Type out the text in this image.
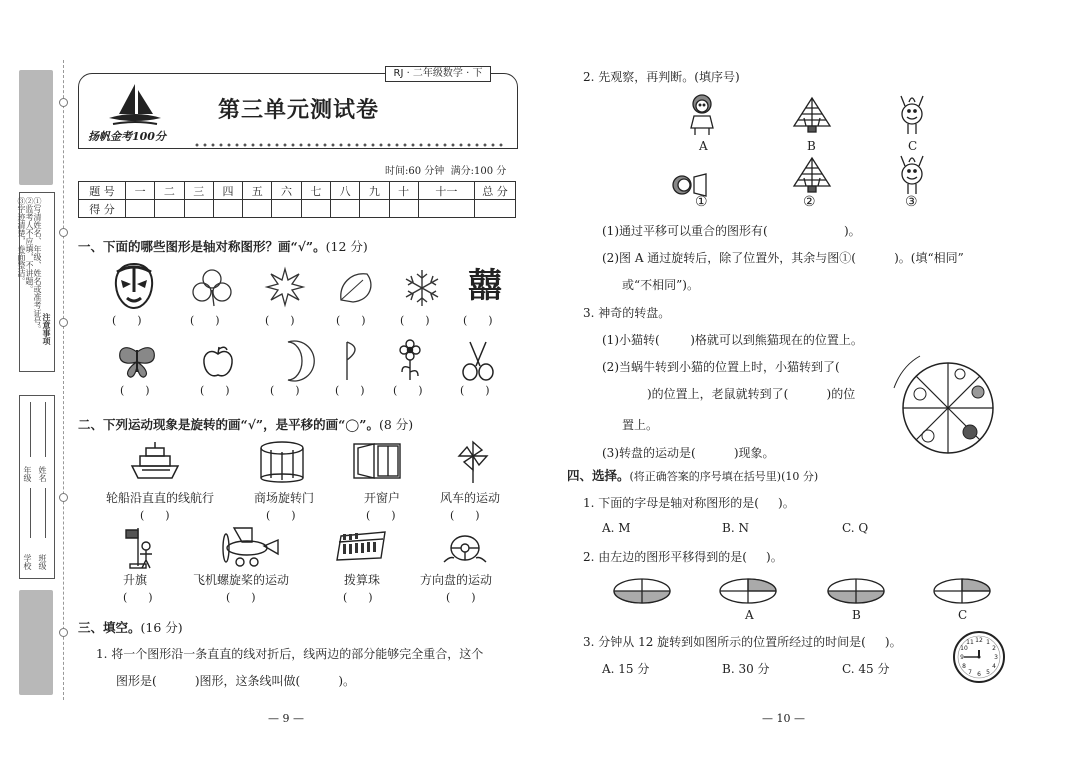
注意事项
①写清姓名、年级、姓名或准考证号。
②监考人不应填，不讲题。
③字迹清楚，卷面整洁。
学校 班级
年级 姓名
RJ · 二年级数学 · 下
扬帆金考100分
第三单元测试卷
时间:60 分钟 满分:100 分
题 号	一	二	三	四	五	六	七	八	九	十	十一	总 分
得 分												
一、下面的哪些图形是轴对称图形？画“√”。(12 分)
囍
(      )	(      )	(      )	(      )	(      )	(      )
(      )	(      )	(      )	(      )	(      )	(      )
二、下列运动现象是旋转的画“√”，是平移的画“◯”。(8 分)
轮船沿直直的线航行	商场旋转门	开窗户	风车的运动
(      )	(      )	(      )	(      )
升旗	飞机螺旋桨的运动	拨算珠	方向盘的运动
(      )	(      )	(      )	(      )
三、填空。(16 分)
1. 将一个图形沿一条直直的线对折后，线两边的部分能够完全重合，这个
图形是(          )图形，这条线叫做(          )。
— 9 —
2. 先观察，再判断。(填序号)
A	B	C
①	②	③
(1)通过平移可以重合的图形有(                    )。
(2)图 A 通过旋转后，除了位置外，其余与图①(          )。(填“相同”
或“不相同”)。
3. 神奇的转盘。
(1)小猫转(        )格就可以到熊猫现在的位置上。
(2)当蜗牛转到小猫的位置上时，小猫转到了(
)的位置上，老鼠就转到了(          )的位
置上。
(3)转盘的运动是(          )现象。
四、选择。(将正确答案的序号填在括号里)(10 分)
1. 下面的字母是轴对称图形的是(     )。
A. M	B. N	C. Q
2. 由左边的图形平移得到的是(     )。
A	B	C
3. 分钟从 12 旋转到如图所示的位置所经过的时间是(     )。
A. 15 分	B. 30 分	C. 45 分
12 1
2
3
4
5
6
7
8
9
10
11
— 10 —
